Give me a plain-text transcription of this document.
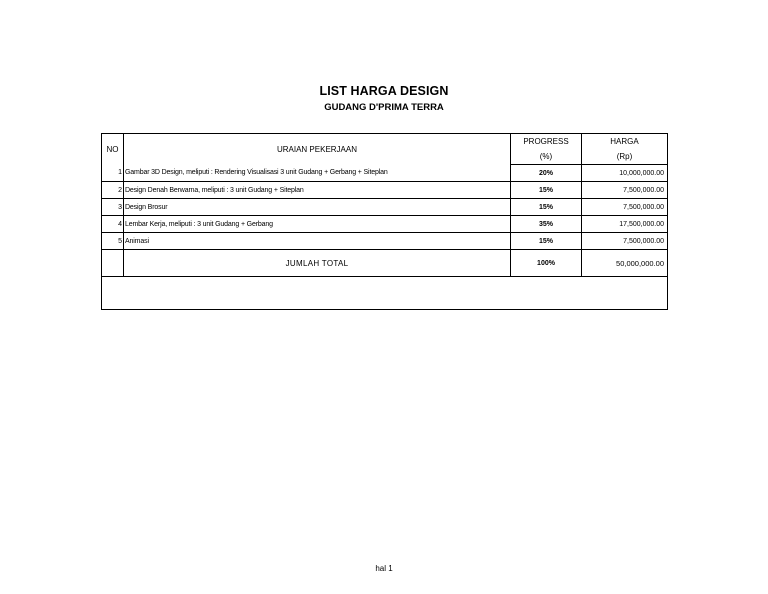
LIST HARGA DESIGN
GUDANG D'PRIMA TERRA
NO	URAIAN PEKERJAAN	PROGRESS	HARGA
		(%)	(Rp)
1	Gambar 3D Design, meliputi : Rendering Visualisasi 3 unit Gudang + Gerbang + Siteplan	20%	10,000,000.00
2	Design Denah Berwarna, meliputi : 3 unit Gudang + Siteplan	15%	7,500,000.00
3	Design Brosur	15%	7,500,000.00
4	Lembar Kerja, meliputi : 3 unit Gudang + Gerbang	35%	17,500,000.00
5	Animasi	15%	7,500,000.00
	JUMLAH TOTAL	100%	50,000,000.00

hal 1
